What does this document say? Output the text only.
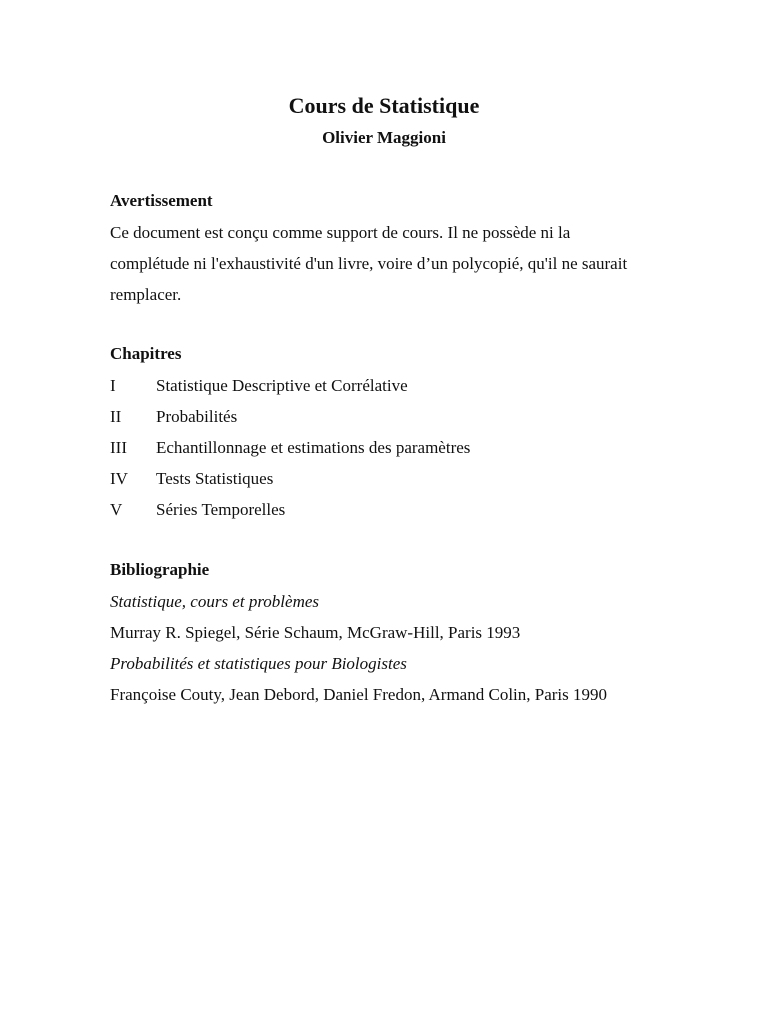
Cours de Statistique
Olivier Maggioni

Avertissement

Ce document est conçu comme support de cours. Il ne possède ni la
complétude ni l'exhaustivité d'un livre, voire d’un polycopié, qu'il ne saurait
remplacer.

Chapitres

I	Statistique Descriptive et Corrélative
II	Probabilités
III	Echantillonnage et estimations des paramètres
IV	Tests Statistiques
V	Séries Temporelles

Bibliographie

Statistique, cours et problèmes
Murray R. Spiegel, Série Schaum, McGraw-Hill, Paris 1993
Probabilités et statistiques pour Biologistes
Françoise Couty, Jean Debord, Daniel Fredon, Armand Colin, Paris 1990
